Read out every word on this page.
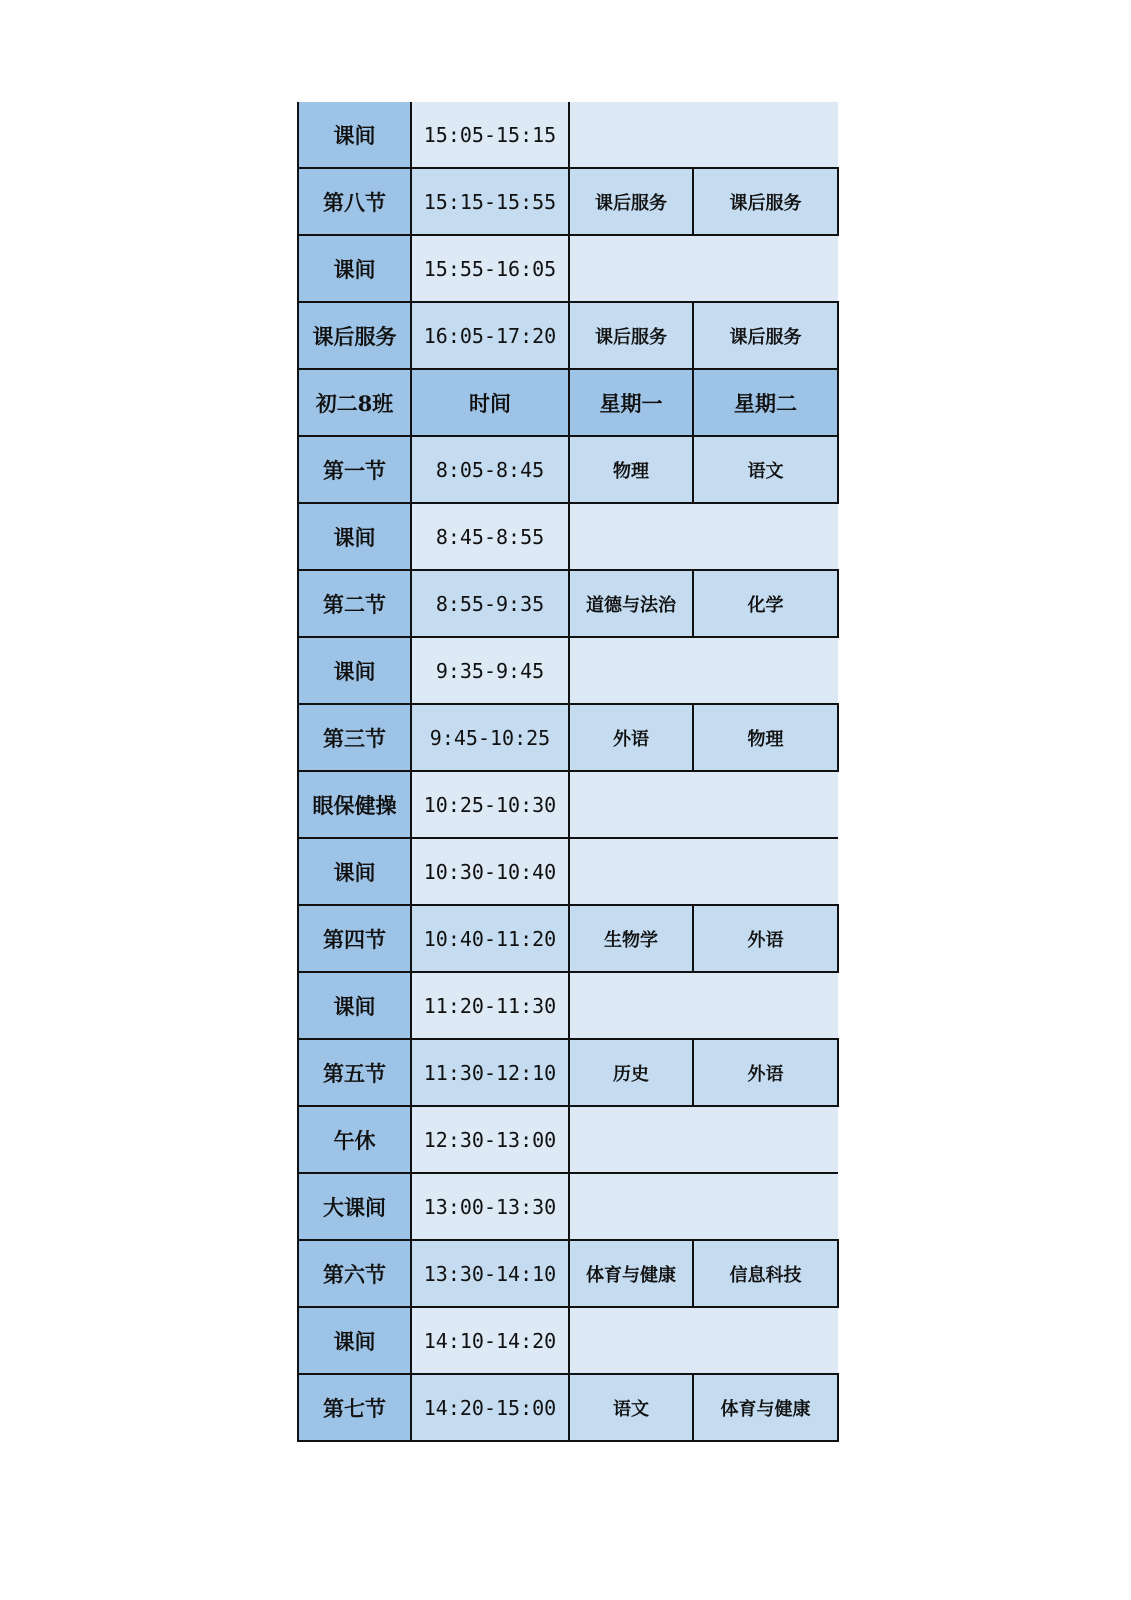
课间	15:05-15:15		
第八节	15:15-15:55	课后服务	课后服务
课间	15:55-16:05		
课后服务	16:05-17:20	课后服务	课后服务
初二8班	时间	星期一	星期二
第一节	8:05-8:45	物理	语文
课间	8:45-8:55		
第二节	8:55-9:35	道德与法治	化学
课间	9:35-9:45		
第三节	9:45-10:25	外语	物理
眼保健操	10:25-10:30		
课间	10:30-10:40		
第四节	10:40-11:20	生物学	外语
课间	11:20-11:30		
第五节	11:30-12:10	历史	外语
午休	12:30-13:00		
大课间	13:00-13:30		
第六节	13:30-14:10	体育与健康	信息科技
课间	14:10-14:20		
第七节	14:20-15:00	语文	体育与健康
